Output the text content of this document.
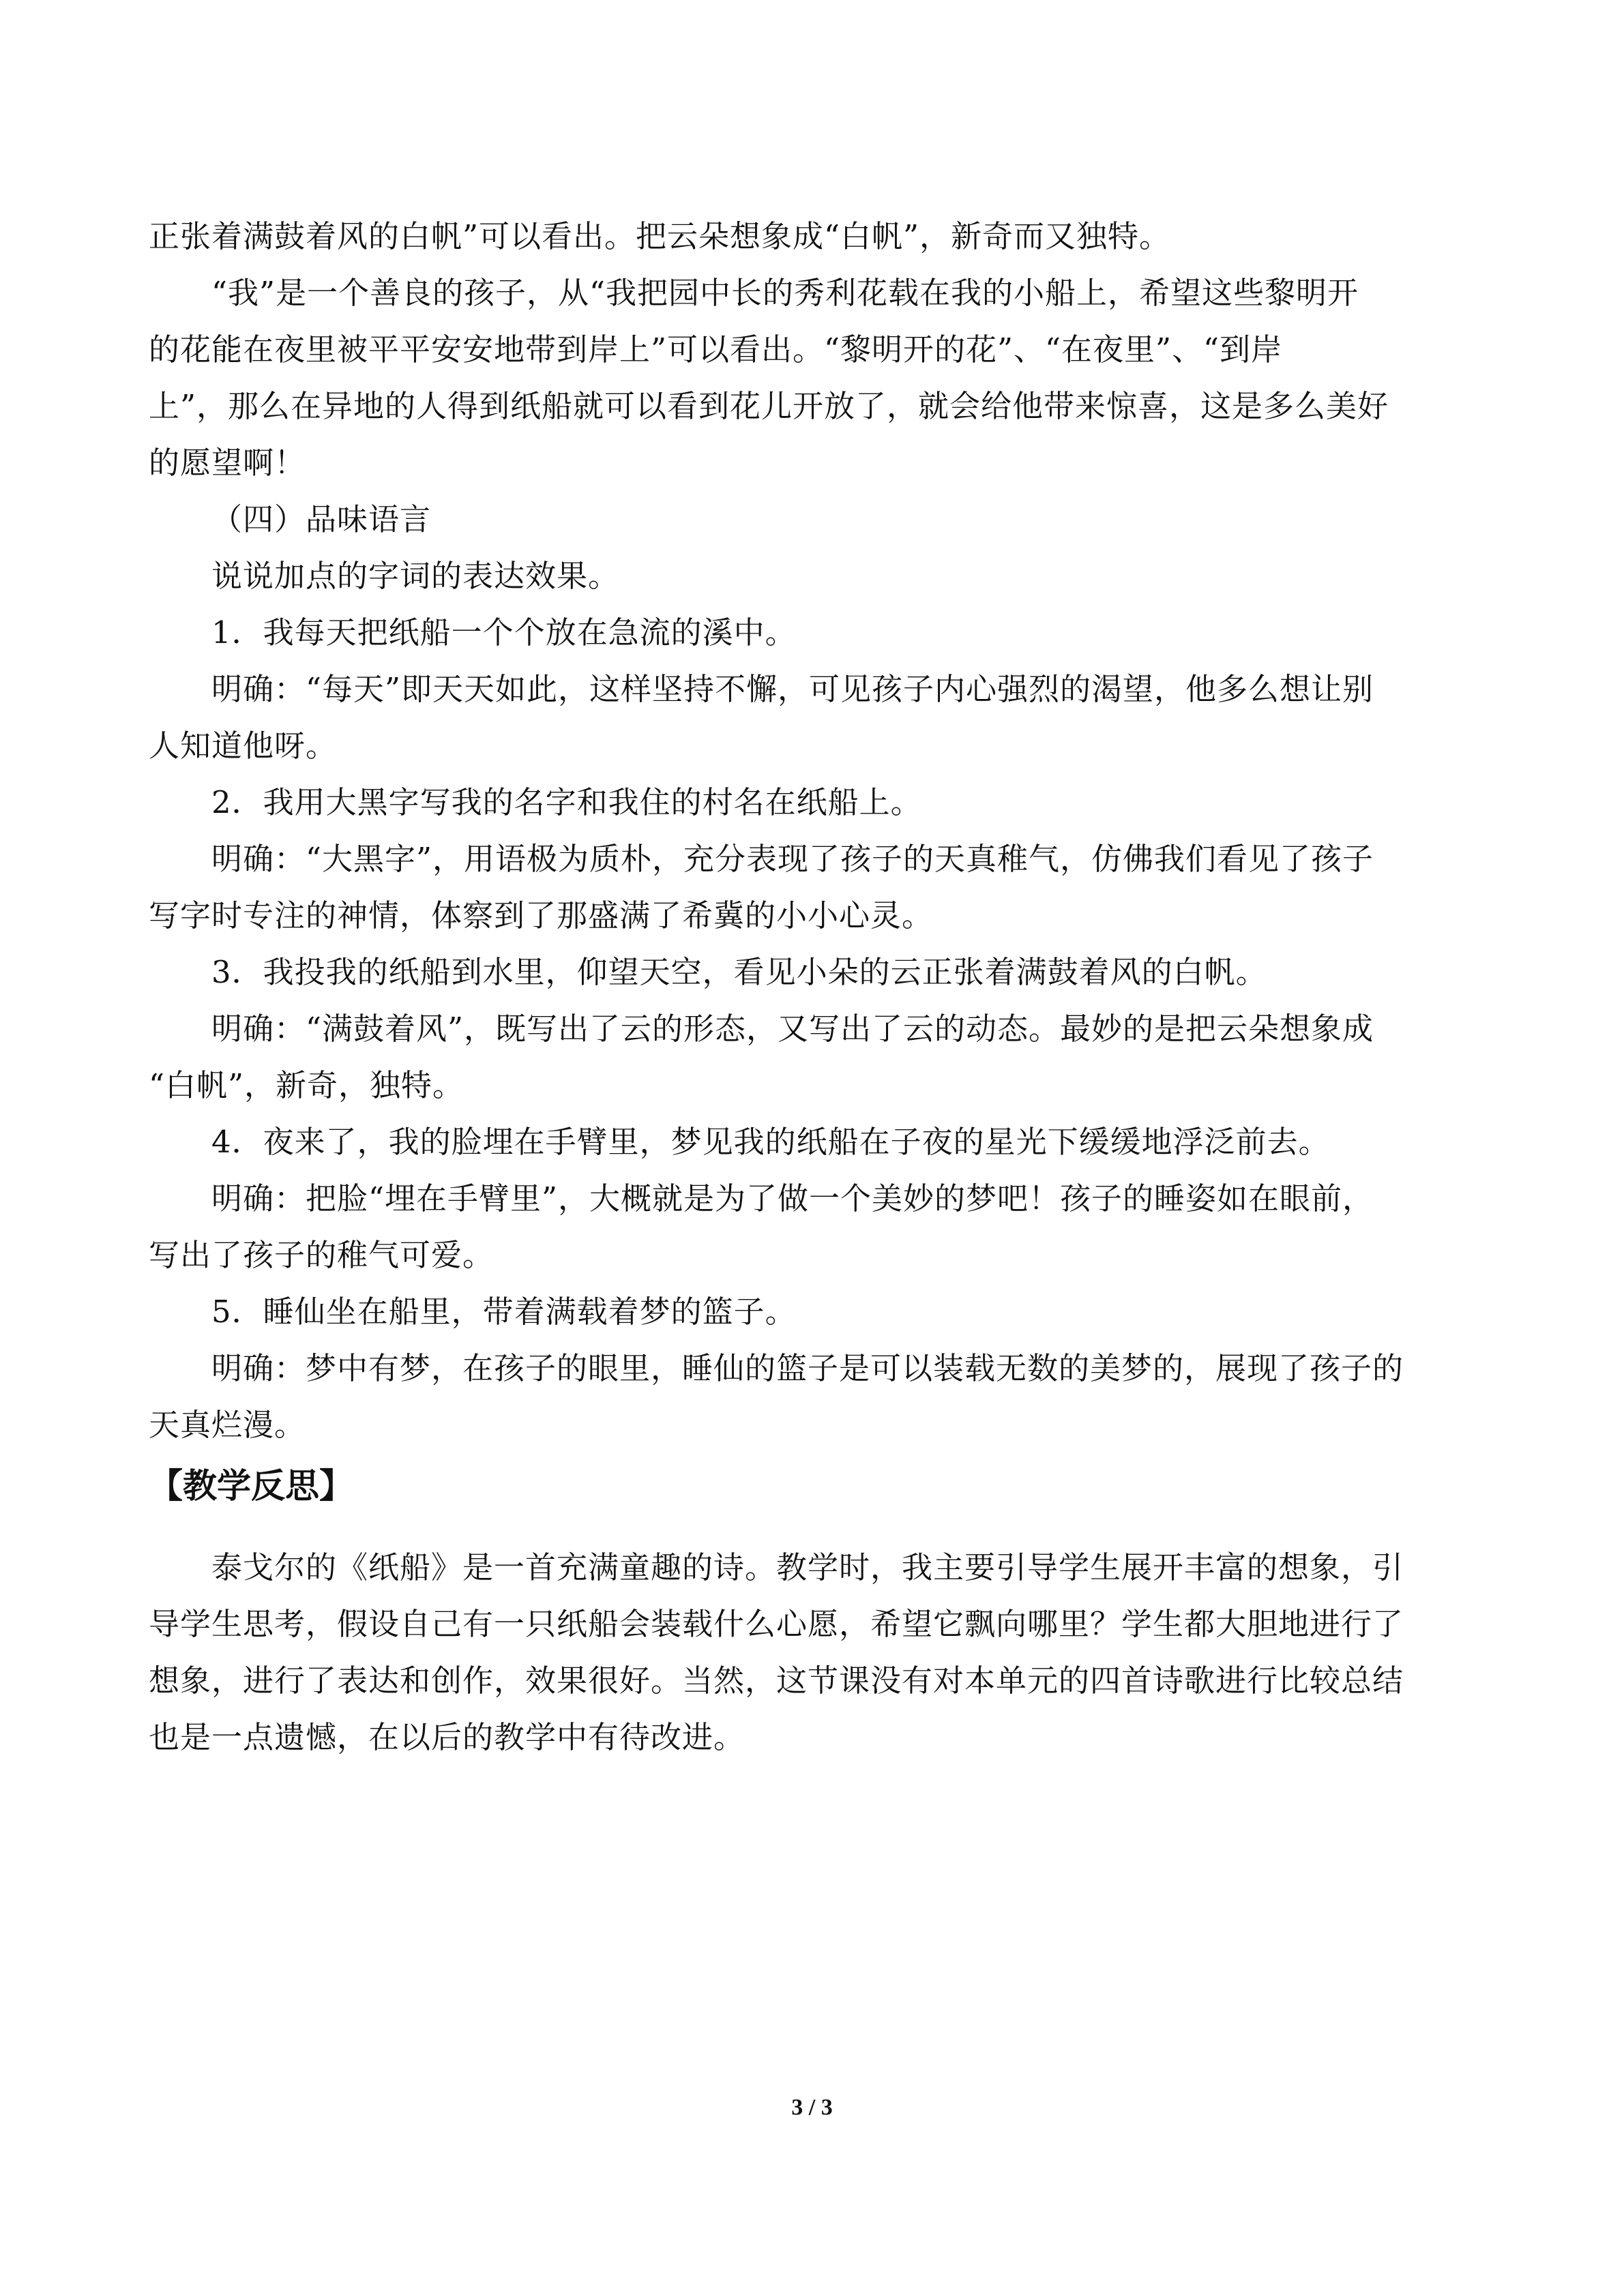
正张着满鼓着风的白帆”可以看出。把云朵想象成“白帆”，新奇而又独特。

“我”是一个善良的孩子，从“我把园中长的秀利花载在我的小船上，希望这些黎明开

的花能在夜里被平平安安地带到岸上”可以看出。“黎明开的花”、“在夜里”、“到岸

上”，那么在异地的人得到纸船就可以看到花儿开放了，就会给他带来惊喜，这是多么美好

的愿望啊！

（四）品味语言

说说加点的字词的表达效果。

1．我每天把纸船一个个放在急流的溪中。

明确：“每天”即天天如此，这样坚持不懈，可见孩子内心强烈的渴望，他多么想让别

人知道他呀。

2．我用大黑字写我的名字和我住的村名在纸船上。

明确：“大黑字”，用语极为质朴，充分表现了孩子的天真稚气，仿佛我们看见了孩子

写字时专注的神情，体察到了那盛满了希冀的小小心灵。

3．我投我的纸船到水里，仰望天空，看见小朵的云正张着满鼓着风的白帆。

明确：“满鼓着风”，既写出了云的形态，又写出了云的动态。最妙的是把云朵想象成

“白帆”，新奇，独特。

4．夜来了，我的脸埋在手臂里，梦见我的纸船在子夜的星光下缓缓地浮泛前去。

明确：把脸“埋在手臂里”，大概就是为了做一个美妙的梦吧！孩子的睡姿如在眼前，

写出了孩子的稚气可爱。

5．睡仙坐在船里，带着满载着梦的篮子。

明确：梦中有梦，在孩子的眼里，睡仙的篮子是可以装载无数的美梦的，展现了孩子的

天真烂漫。

【教学反思】

泰戈尔的《纸船》是一首充满童趣的诗。教学时，我主要引导学生展开丰富的想象，引

导学生思考，假设自己有一只纸船会装载什么心愿，希望它飘向哪里？学生都大胆地进行了

想象，进行了表达和创作，效果很好。当然，这节课没有对本单元的四首诗歌进行比较总结

也是一点遗憾，在以后的教学中有待改进。

3 / 3
